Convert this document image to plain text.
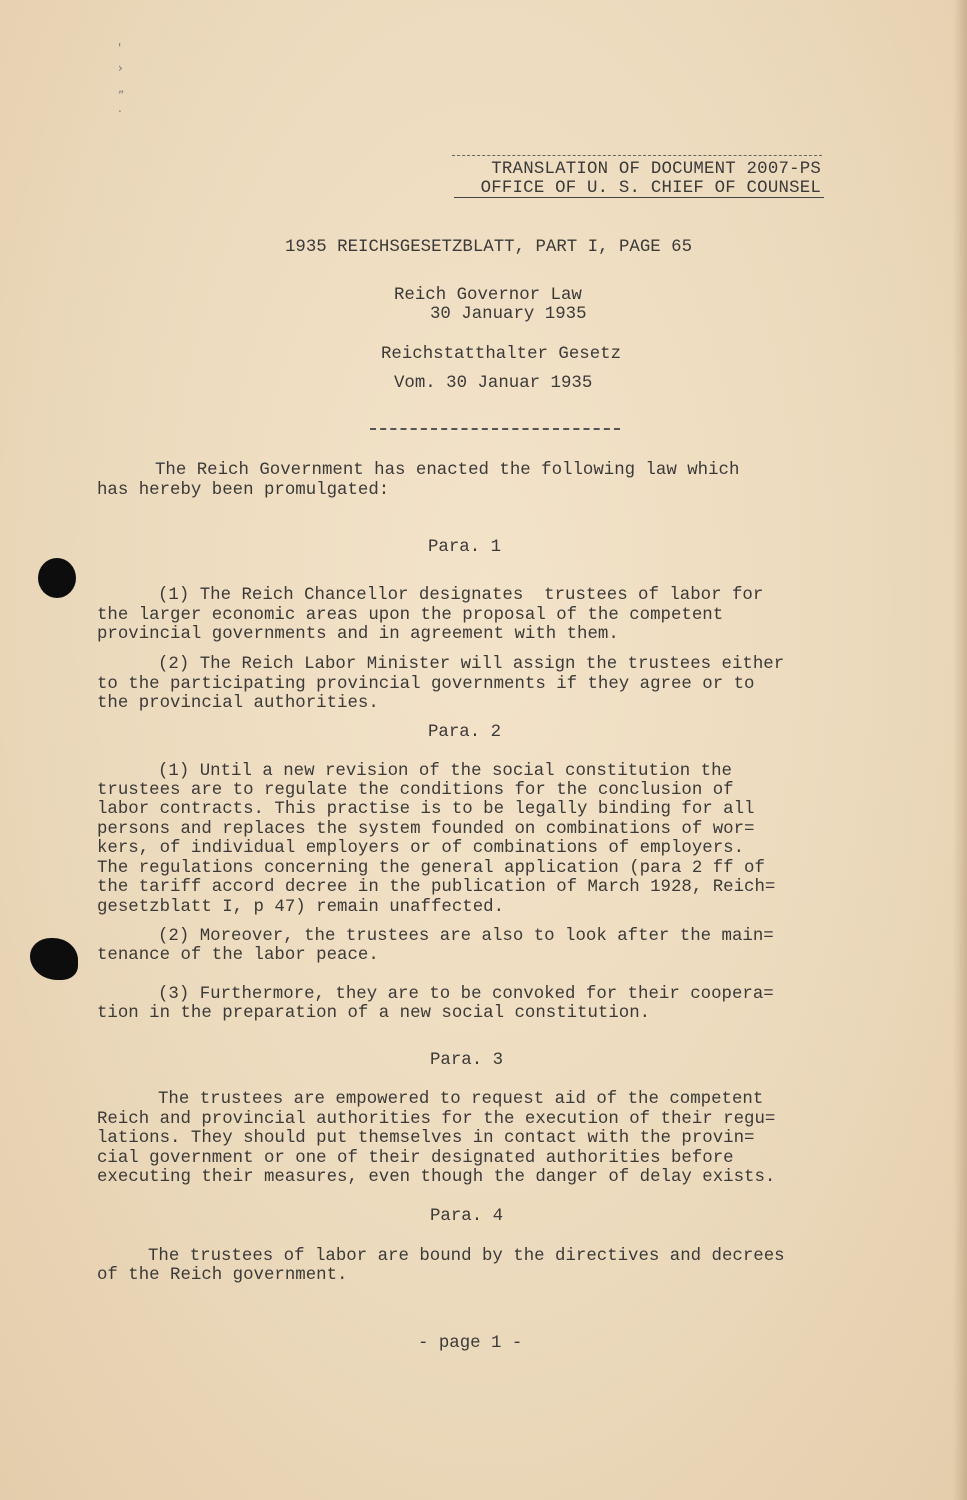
'
›
„
.
TRANSLATION OF DOCUMENT 2007-PS
OFFICE OF U. S. CHIEF OF COUNSEL
1935 REICHSGESETZBLATT, PART I, PAGE 65
Reich Governor Law
30 January 1935
Reichstatthalter Gesetz
Vom. 30 Januar 1935
The Reich Government has enacted the following law which
has hereby been promulgated:
Para. 1
(1) The Reich Chancellor designates  trustees of labor for
the larger economic areas upon the proposal of the competent
provincial governments and in agreement with them.
(2) The Reich Labor Minister will assign the trustees either
to the participating provincial governments if they agree or to
the provincial authorities.
Para. 2
(1) Until a new revision of the social constitution the
trustees are to regulate the conditions for the conclusion of
labor contracts. This practise is to be legally binding for all
persons and replaces the system founded on combinations of wor=
kers, of individual employers or of combinations of employers.
The regulations concerning the general application (para 2 ff of
the tariff accord decree in the publication of March 1928, Reich=
gesetzblatt I, p 47) remain unaffected.
(2) Moreover, the trustees are also to look after the main=
tenance of the labor peace.
(3) Furthermore, they are to be convoked for their coopera=
tion in the preparation of a new social constitution.
Para. 3
The trustees are empowered to request aid of the competent
Reich and provincial authorities for the execution of their regu=
lations. They should put themselves in contact with the provin=
cial government or one of their designated authorities before
executing their measures, even though the danger of delay exists.
Para. 4
The trustees of labor are bound by the directives and decrees
of the Reich government.
- page 1 -
